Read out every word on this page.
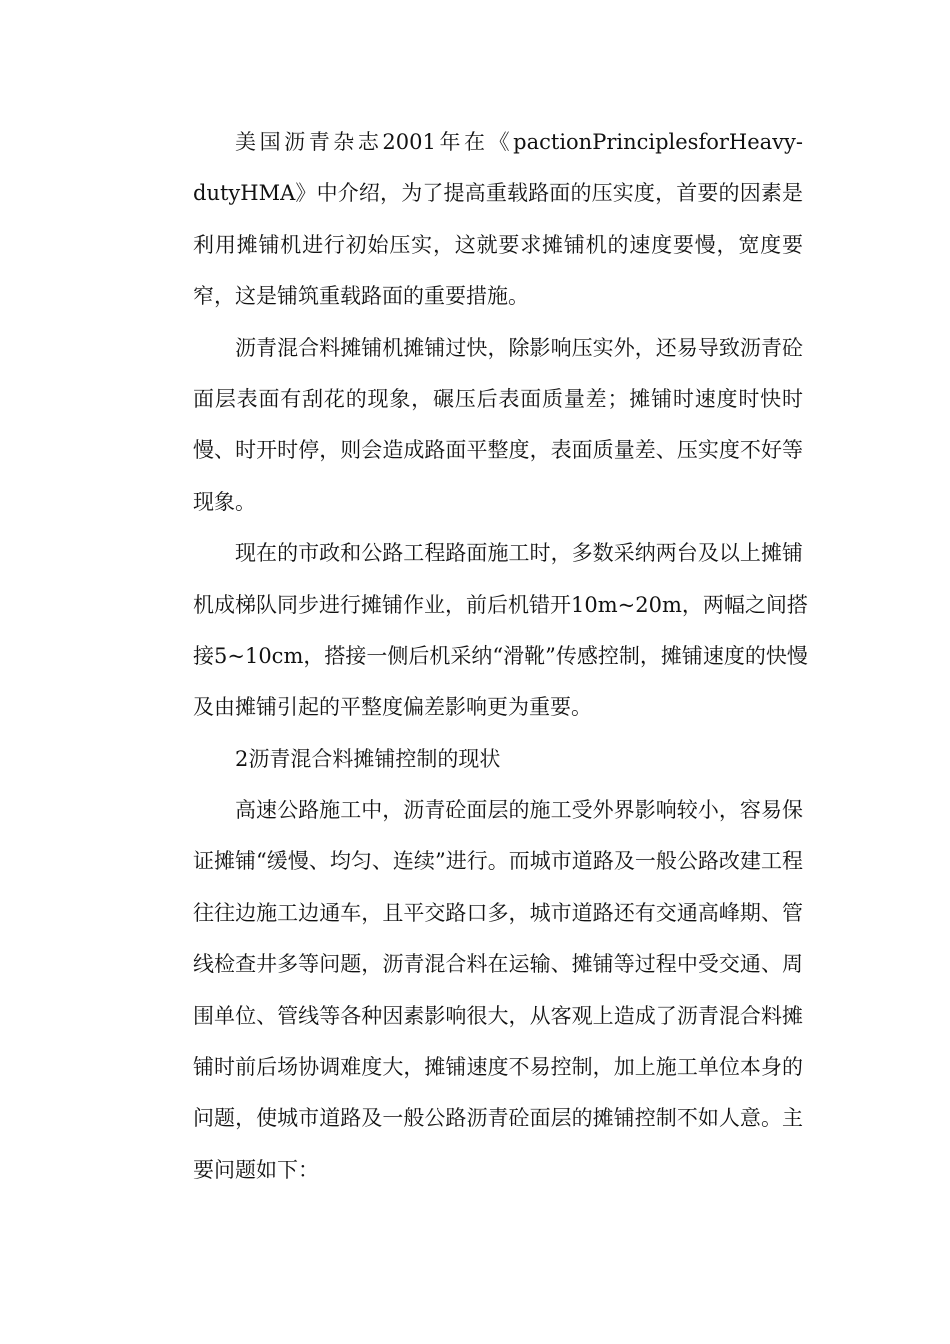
美国沥青杂志2001年在《pactionPrinciplesforHeavy-
dutyHMA》中介绍，为了提高重载路面的压实度，首要的因素是
利用摊铺机进行初始压实，这就要求摊铺机的速度要慢，宽度要
窄，这是铺筑重载路面的重要措施。
沥青混合料摊铺机摊铺过快，除影响压实外，还易导致沥青砼
面层表面有刮花的现象，碾压后表面质量差；摊铺时速度时快时
慢、时开时停，则会造成路面平整度，表面质量差、压实度不好等
现象。
现在的市政和公路工程路面施工时，多数采纳两台及以上摊铺
机成梯队同步进行摊铺作业，前后机错开10m~20m，两幅之间搭
接5~10cm，搭接一侧后机采纳“滑靴”传感控制，摊铺速度的快慢
及由摊铺引起的平整度偏差影响更为重要。
2沥青混合料摊铺控制的现状
高速公路施工中，沥青砼面层的施工受外界影响较小，容易保
证摊铺“缓慢、均匀、连续”进行。而城市道路及一般公路改建工程
往往边施工边通车，且平交路口多，城市道路还有交通高峰期、管
线检查井多等问题，沥青混合料在运输、摊铺等过程中受交通、周
围单位、管线等各种因素影响很大，从客观上造成了沥青混合料摊
铺时前后场协调难度大，摊铺速度不易控制，加上施工单位本身的
问题，使城市道路及一般公路沥青砼面层的摊铺控制不如人意。主
要问题如下：
